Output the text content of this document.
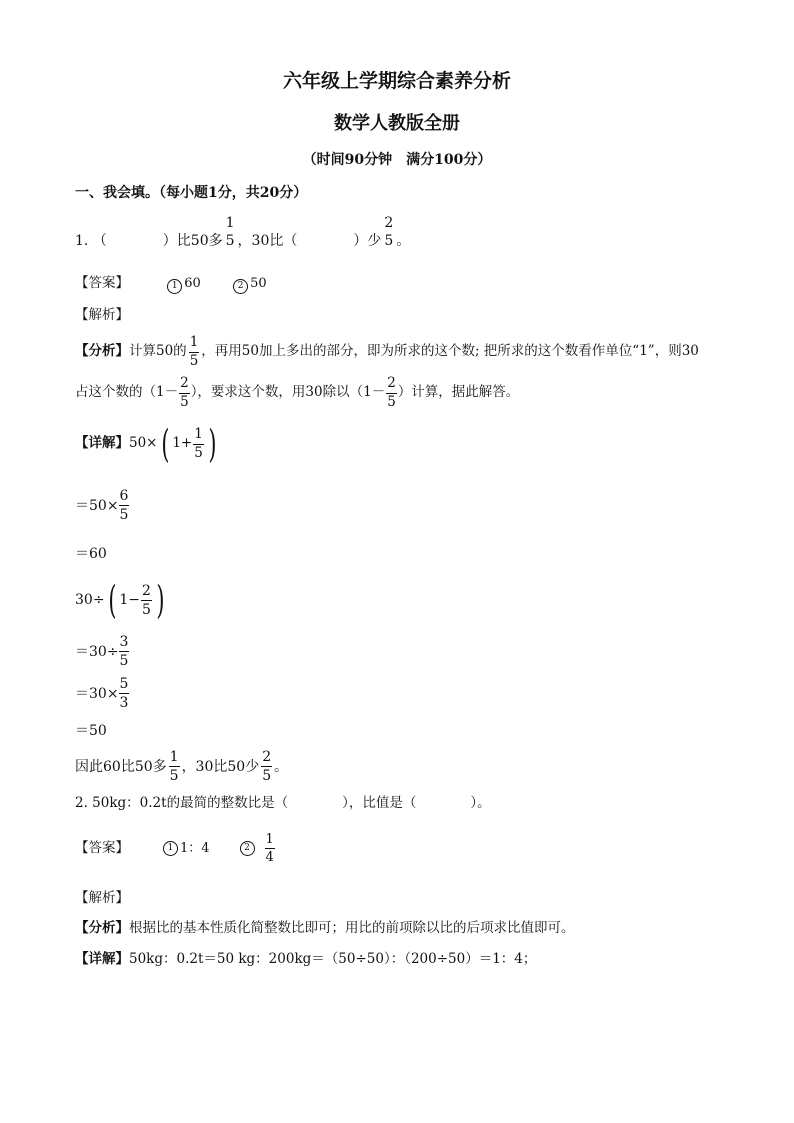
六年级上学期综合素养分析
数学人教版全册
（时间90分钟　满分100分）
一、我会填。（每小题1分，共20分）
1. （　　　　）比50多
1
5 ，30比（　　　　）少
2
5 。
【答案】	1 60	2 50
【解析】
【分析】 计算50的 $\frac{1}{5}$ ，再用50加上多出的部分，即为所求的这个数; 把所求的这个数看作单位“1”，则30
占这个数的（$1- \frac{2}{5}$ ），要求这个数，用30除以（$1- \frac{2}{5}$ ）计算，据此解答。
【详解】 50× ( $1+ \frac{1}{5}$ )
$=50\times \frac{6}{5}$
＝60
30÷ ( $1- \frac{2}{5}$ )
$=30\div \frac{3}{5}$
$=30\times \frac{5}{3}$
＝50
因此60比50多 $\frac{1}{5}$ ，30比50少 $\frac{2}{5}$ 。
2. 50kg：0.2t的最简的整数比是（　　　　），比值是（　　　　）。
【答案】	1 1：4	2	$\frac{1}{4}$
【解析】
【分析】根据比的基本性质化简整数比即可；用比的前项除以比的后项求比值即可。
【详解】50kg：0.2t＝50 kg：200kg＝（50÷50）：（200÷50）＝1：4；
